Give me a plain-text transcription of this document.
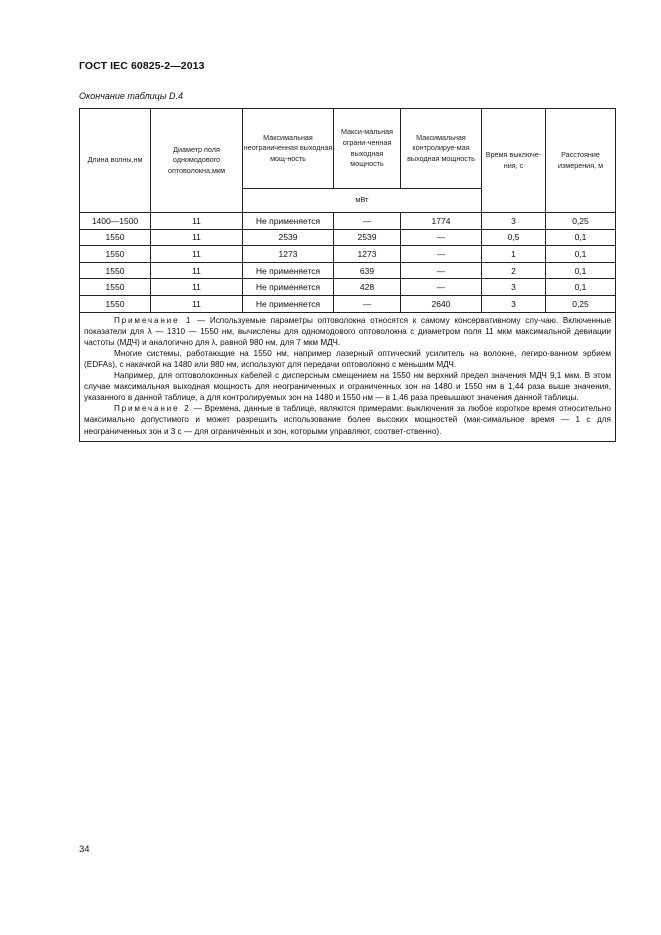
ГОСТ IEC 60825-2—2013
Окончание таблицы D.4
Длина волны,нм	Диаметр поля одномодового оптоволокна,мкм	Максимальная неограниченная выходная мощ-ность	Макси-мальная ограни-ченная выходная мощность	Максимальная контролируе-мая выходная мощность	Время выключе-ния, с	Расстояние измерения, м
		мВт				
1400—1500	11	Не применяется	—	1774	3	0,25
1550	11	2539	2539	—	0,5	0,1
1550	11	1273	1273	—	1	0,1
1550	11	Не применяется	639	—	2	0,1
1550	11	Не применяется	428	—	3	0,1
1550	11	Не применяется	—	2640	3	0,25

Примечание 1 — Используемые параметры оптоволокна относятся к самому консервативному слу-чаю. Включенные показатели для λ — 1310 — 1550 нм, вычислены для одномодового оптоволокна с диаметром поля 11 мкм максимальной девиации частоты (МДЧ) и аналогично для λ, равной 980 нм, для 7 мкм МДЧ.

Многие системы, работающие на 1550 нм, например лазерный оптический усилитель на волокне, легиро-ванном эрбием (EDFAs), с накачкой на 1480 или 980 нм, используют для передачи оптоволокно с меньшим МДЧ.

Например, для оптоволоконных кабелей с дисперсным смещением на 1550 нм верхний предел значения МДЧ 9,1 мкм. В этом случае максимальная выходная мощность для неограниченных и ограниченных зон на 1480 и 1550 нм в 1,44 раза выше значения, указанного в данной таблице, а для контролируемых зон на 1480 и 1550 нм — в 1,46 раза превышают значения данной таблицы.

Примечание 2 — Времена, данные в таблице, являются примерами: выключения за любое короткое время относительно максимально допустимого и может разрешить использование более высоких мощностей (мак-симальное время — 1 с для неограниченных зон и 3 с — для ограниченных и зон, которыми управляют, соответ-ственно).						

34
